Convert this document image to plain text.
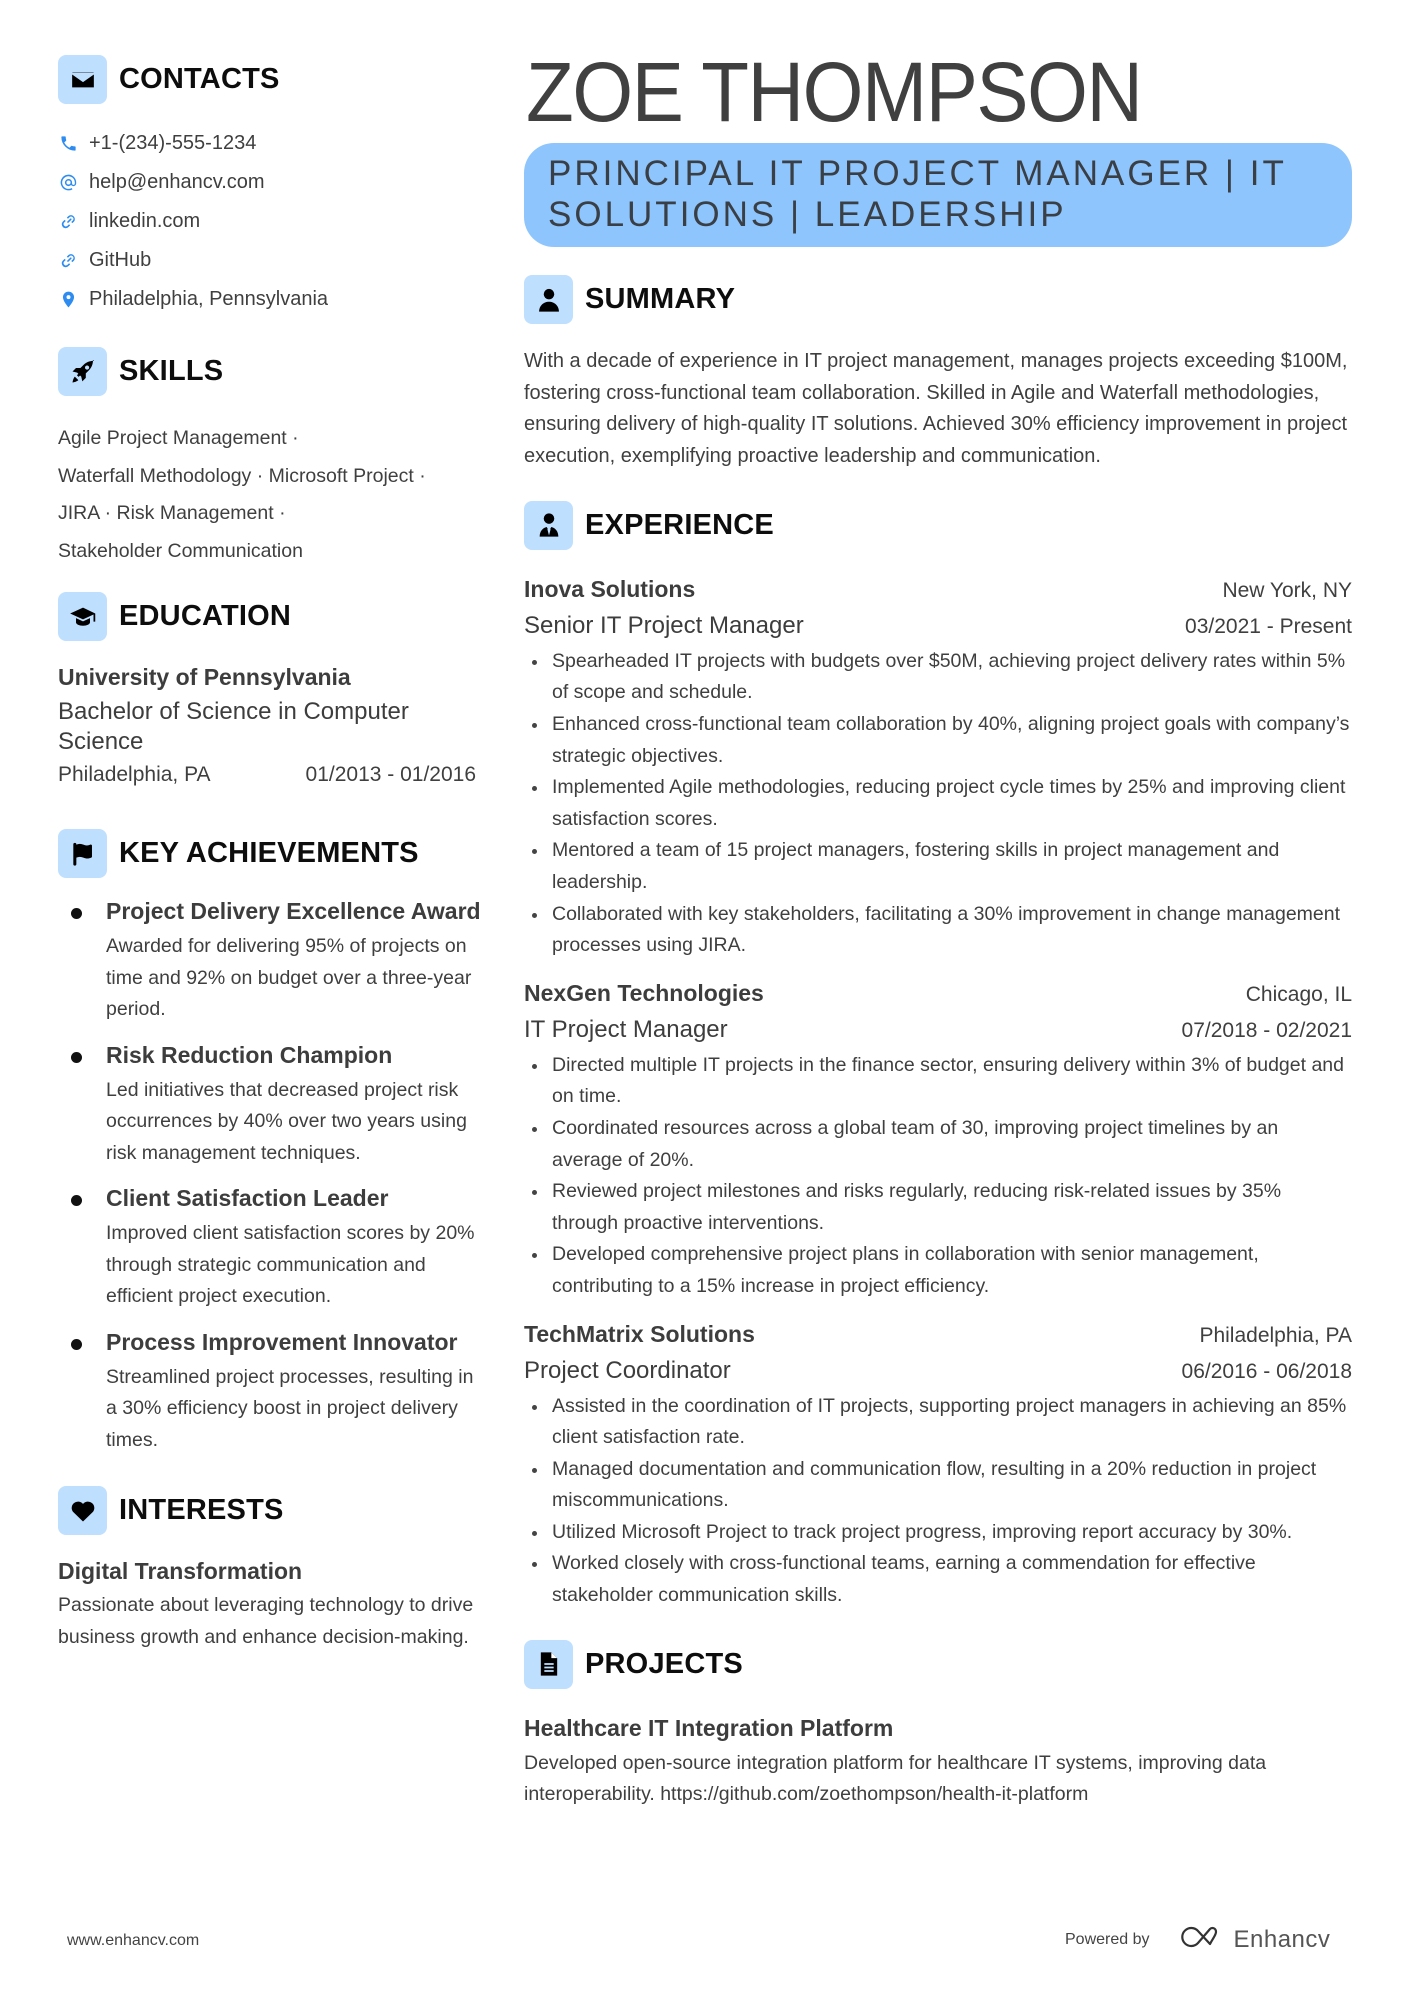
CONTACTS
+1-(234)-555-1234
help@enhancv.com
linkedin.com
GitHub
Philadelphia, Pennsylvania
SKILLS
Agile Project Management ·
Waterfall Methodology · Microsoft Project ·
JIRA · Risk Management ·
Stakeholder Communication
EDUCATION
University of Pennsylvania
Bachelor of Science in Computer Science
Philadelphia, PA	01/2013 - 01/2016
KEY ACHIEVEMENTS
Project Delivery Excellence Award
Awarded for delivering 95% of projects on time and 92% on budget over a three-year period.
Risk Reduction Champion
Led initiatives that decreased project risk occurrences by 40% over two years using risk management techniques.
Client Satisfaction Leader
Improved client satisfaction scores by 20% through strategic communication and efficient project execution.
Process Improvement Innovator
Streamlined project processes, resulting in a 30% efficiency boost in project delivery times.
INTERESTS
Digital Transformation
Passionate about leveraging technology to drive business growth and enhance decision-making.
ZOE THOMPSON
PRINCIPAL IT PROJECT MANAGER | IT
SOLUTIONS | LEADERSHIP
SUMMARY

With a decade of experience in IT project management, manages projects exceeding $100M, fostering cross-functional team collaboration. Skilled in Agile and Waterfall methodologies, ensuring delivery of high-quality IT solutions. Achieved 30% efficiency improvement in project execution, exemplifying proactive leadership and communication.

EXPERIENCE
Inova Solutions	New York, NY
Senior IT Project Manager	03/2021 - Present
Spearheaded IT projects with budgets over $50M, achieving project delivery rates within 5% of scope and schedule.
Enhanced cross-functional team collaboration by 40%, aligning project goals with company’s strategic objectives.
Implemented Agile methodologies, reducing project cycle times by 25% and improving client satisfaction scores.
Mentored a team of 15 project managers, fostering skills in project management and leadership.
Collaborated with key stakeholders, facilitating a 30% improvement in change management processes using JIRA.
NexGen Technologies	Chicago, IL
IT Project Manager	07/2018 - 02/2021
Directed multiple IT projects in the finance sector, ensuring delivery within 3% of budget and on time.
Coordinated resources across a global team of 30, improving project timelines by an average of 20%.
Reviewed project milestones and risks regularly, reducing risk-related issues by 35% through proactive interventions.
Developed comprehensive project plans in collaboration with senior management, contributing to a 15% increase in project efficiency.
TechMatrix Solutions	Philadelphia, PA
Project Coordinator	06/2016 - 06/2018
Assisted in the coordination of IT projects, supporting project managers in achieving an 85% client satisfaction rate.
Managed documentation and communication flow, resulting in a 20% reduction in project miscommunications.
Utilized Microsoft Project to track project progress, improving report accuracy by 30%.
Worked closely with cross-functional teams, earning a commendation for effective stakeholder communication skills.
PROJECTS
Healthcare IT Integration Platform
Developed open-source integration platform for healthcare IT systems, improving data interoperability. https://github.com/zoethompson/health-it-platform
www.enhancv.com	Powered by	Enhancv
